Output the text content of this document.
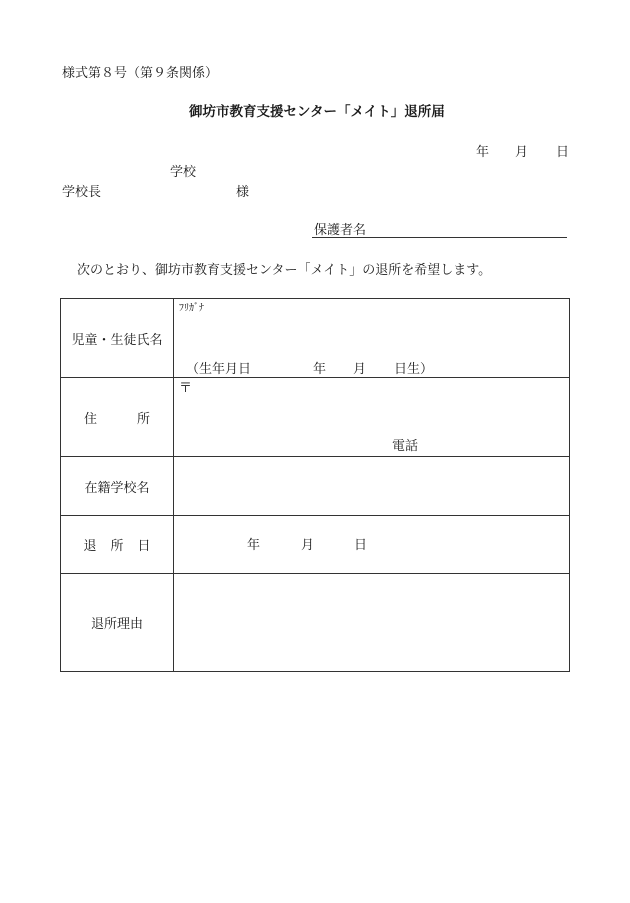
様式第８号（第９条関係）
御坊市教育支援センター「メイト」退所届
年 月 日
学校
学校長	様
保護者名
次のとおり、御坊市教育支援センター「メイト」の退所を希望します。
児童・生徒氏名	ﾌﾘｶﾞﾅ
（生年月日 年 月 日生）

住 所	〒
電話

在籍学校名	
退 所 日	年 月 日

退所理由	
